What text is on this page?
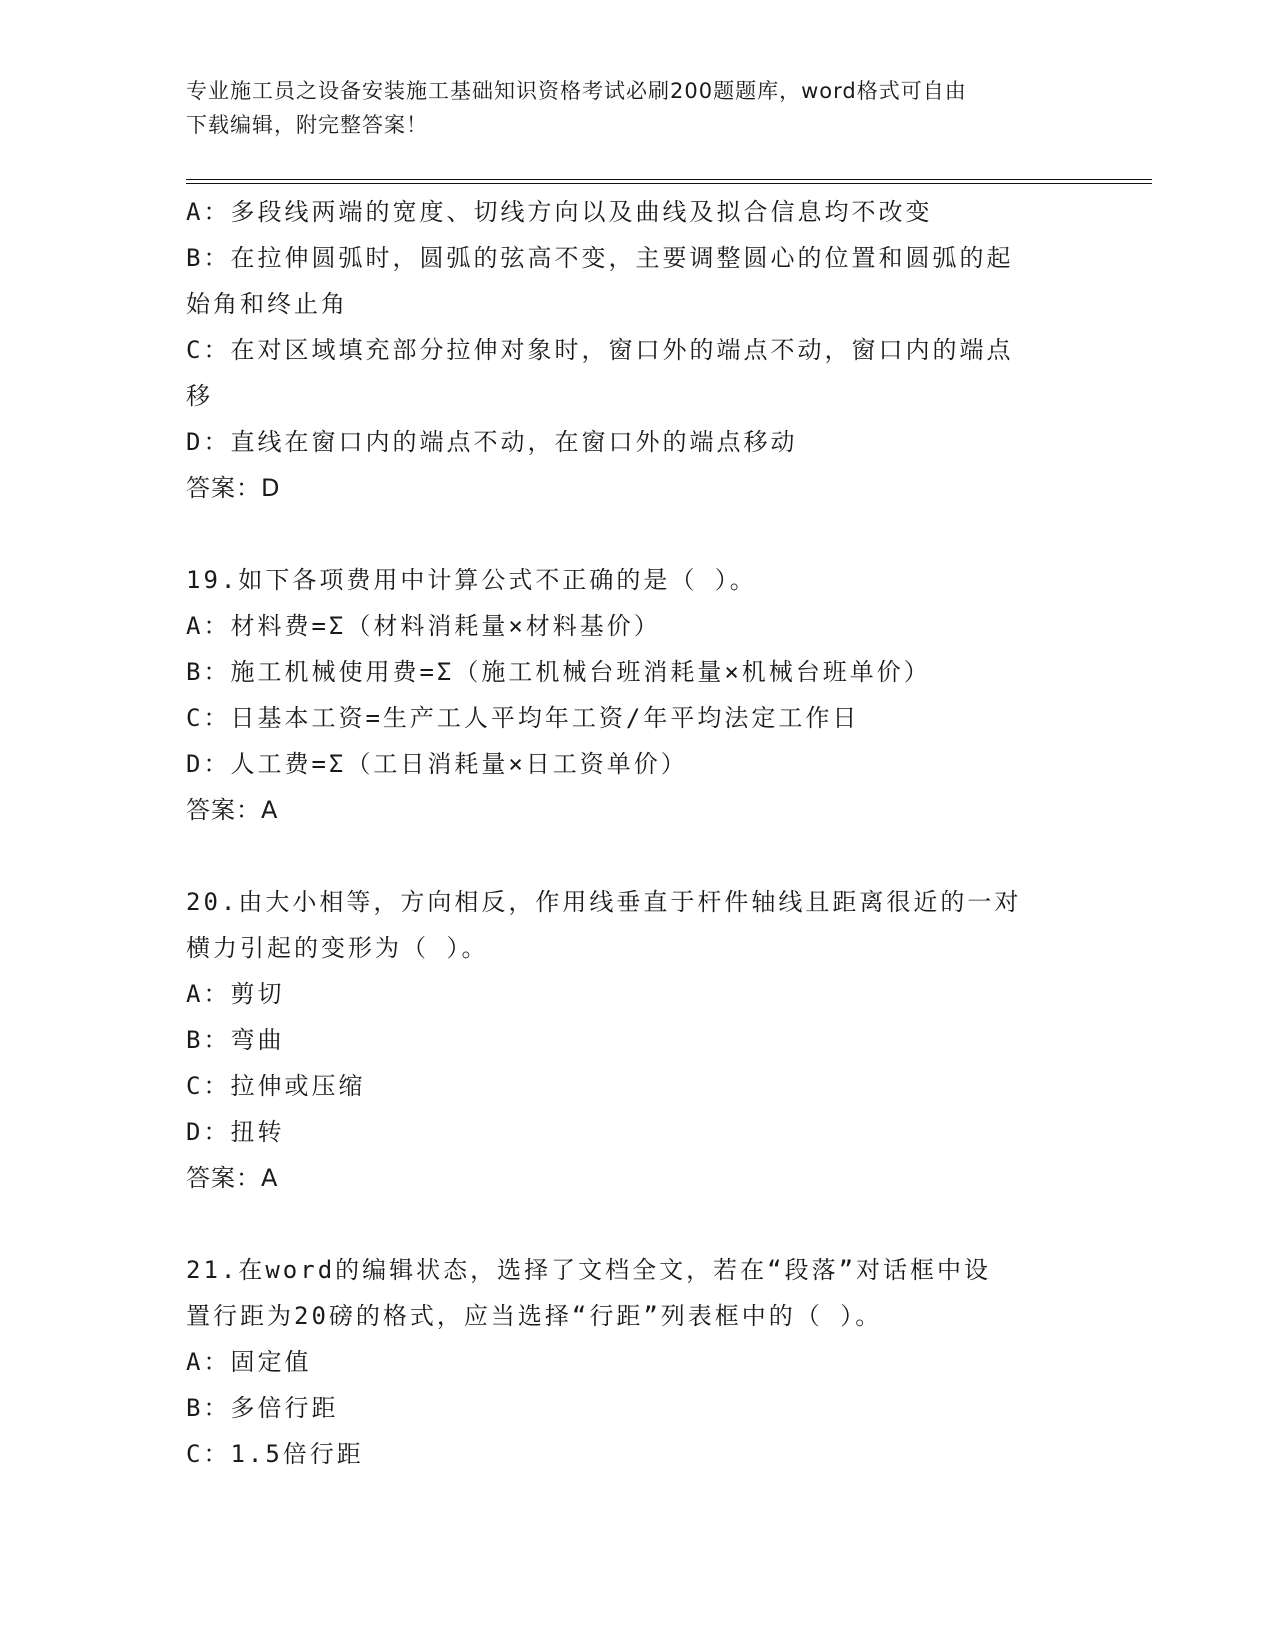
专业施工员之设备安装施工基础知识资格考试必刷200题题库，word格式可自由
下载编辑，附完整答案！

A：多段线两端的宽度、切线方向以及曲线及拟合信息均不改变

B：在拉伸圆弧时，圆弧的弦高不变，主要调整圆心的位置和圆弧的起

始角和终止角

C：在对区域填充部分拉伸对象时，窗口外的端点不动，窗口内的端点

移

D：直线在窗口内的端点不动，在窗口外的端点移动

答案：D

19.如下各项费用中计算公式不正确的是（ ）。

A：材料费=Σ（材料消耗量×材料基价）

B：施工机械使用费=Σ（施工机械台班消耗量×机械台班单价）

C：日基本工资=生产工人平均年工资/年平均法定工作日

D：人工费=Σ（工日消耗量×日工资单价）

答案：A

20.由大小相等，方向相反，作用线垂直于杆件轴线且距离很近的一对

横力引起的变形为（ ）。

A：剪切

B：弯曲

C：拉伸或压缩

D：扭转

答案：A

21.在word的编辑状态，选择了文档全文，若在“段落”对话框中设

置行距为20磅的格式，应当选择“行距”列表框中的（ ）。

A：固定值

B：多倍行距

C：1.5倍行距
